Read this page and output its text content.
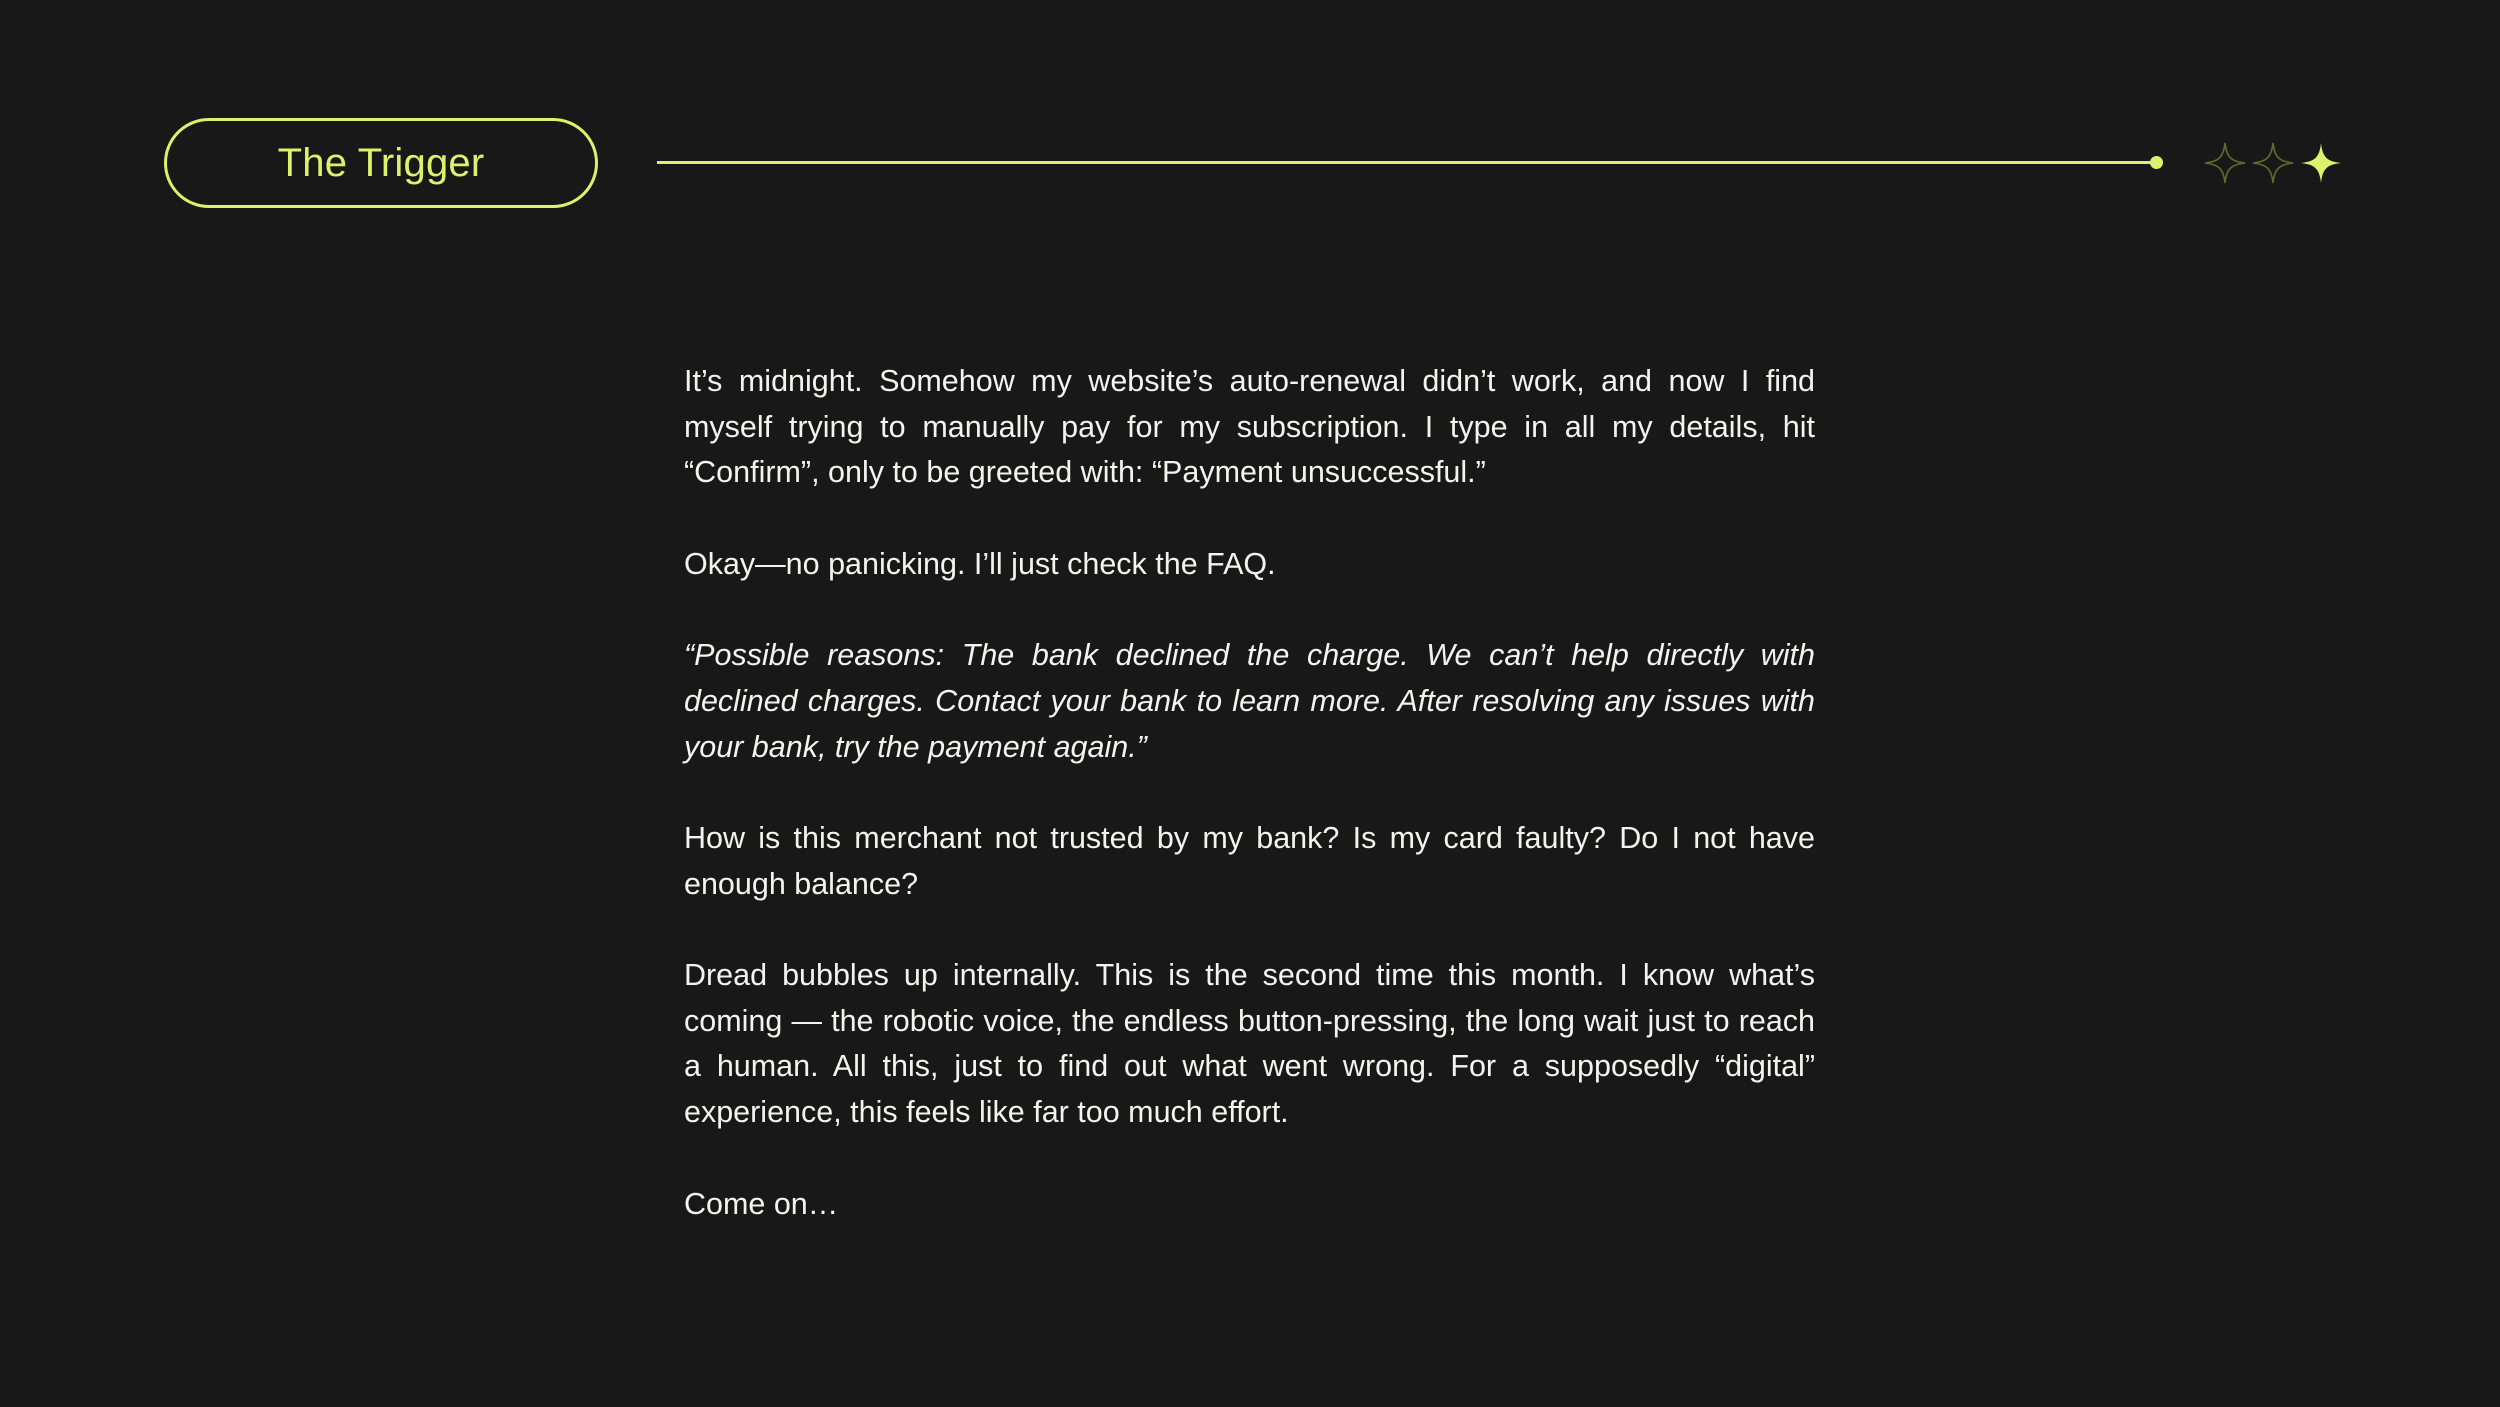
The Trigger

It’s midnight. Somehow my website’s auto-renewal didn’t work, and now I find myself trying to manually pay for my subscription. I type in all my details, hit “Confirm”, only to be greeted with: “Payment unsuccessful.”

Okay—no panicking. I’ll just check the FAQ.

“Possible reasons: The bank declined the charge. We can’t help directly with declined charges. Contact your bank to learn more. After resolving any issues with your bank, try the payment again.”

How is this merchant not trusted by my bank? Is my card faulty? Do I not have enough balance?

Dread bubbles up internally. This is the second time this month. I know what’s coming — the robotic voice, the endless button-pressing, the long wait just to reach a human. All this, just to find out what went wrong. For a supposedly “digital” experience, this feels like far too much effort.

Come on…
